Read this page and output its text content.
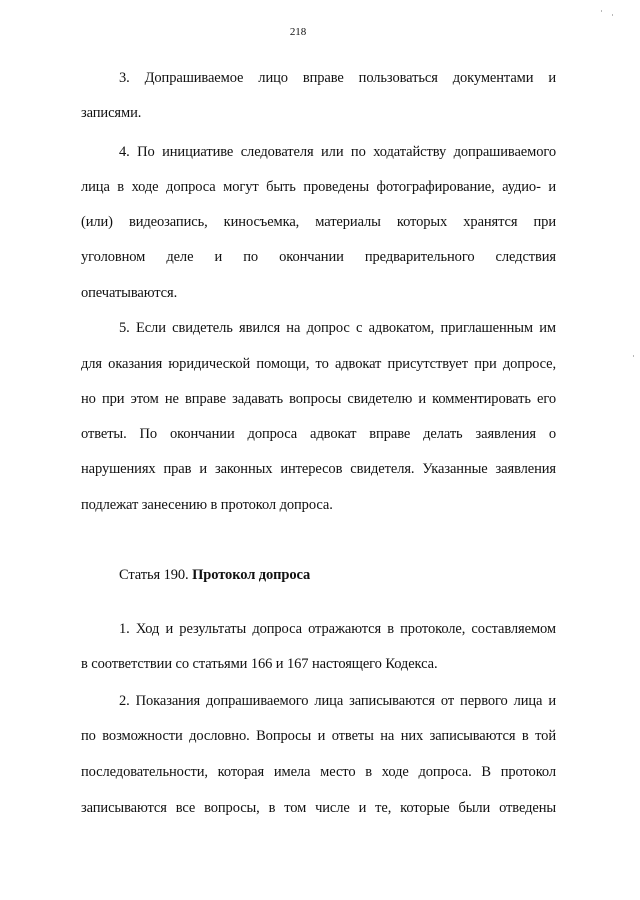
218
3. Допрашиваемое лицо вправе пользоваться документами и
записями.
4. По инициативе следователя или по ходатайству допрашиваемого
лица в ходе допроса могут быть проведены фотографирование, аудио- и
(или) видеозапись, киносъемка, материалы которых хранятся при
уголовном деле и по окончании предварительного следствия
опечатываются.
5. Если свидетель явился на допрос с адвокатом, приглашенным им
для оказания юридической помощи, то адвокат присутствует при допросе,
но при этом не вправе задавать вопросы свидетелю и комментировать его
ответы. По окончании допроса адвокат вправе делать заявления о
нарушениях прав и законных интересов свидетеля. Указанные заявления
подлежат занесению в протокол допроса.
Статья 190. Протокол допроса
1. Ход и результаты допроса отражаются в протоколе, составляемом
в соответствии со статьями 166 и 167 настоящего Кодекса.
2. Показания допрашиваемого лица записываются от первого лица и
по возможности дословно. Вопросы и ответы на них записываются в той
последовательности, которая имела место в ходе допроса. В протокол
записываются все вопросы, в том числе и те, которые были отведены
